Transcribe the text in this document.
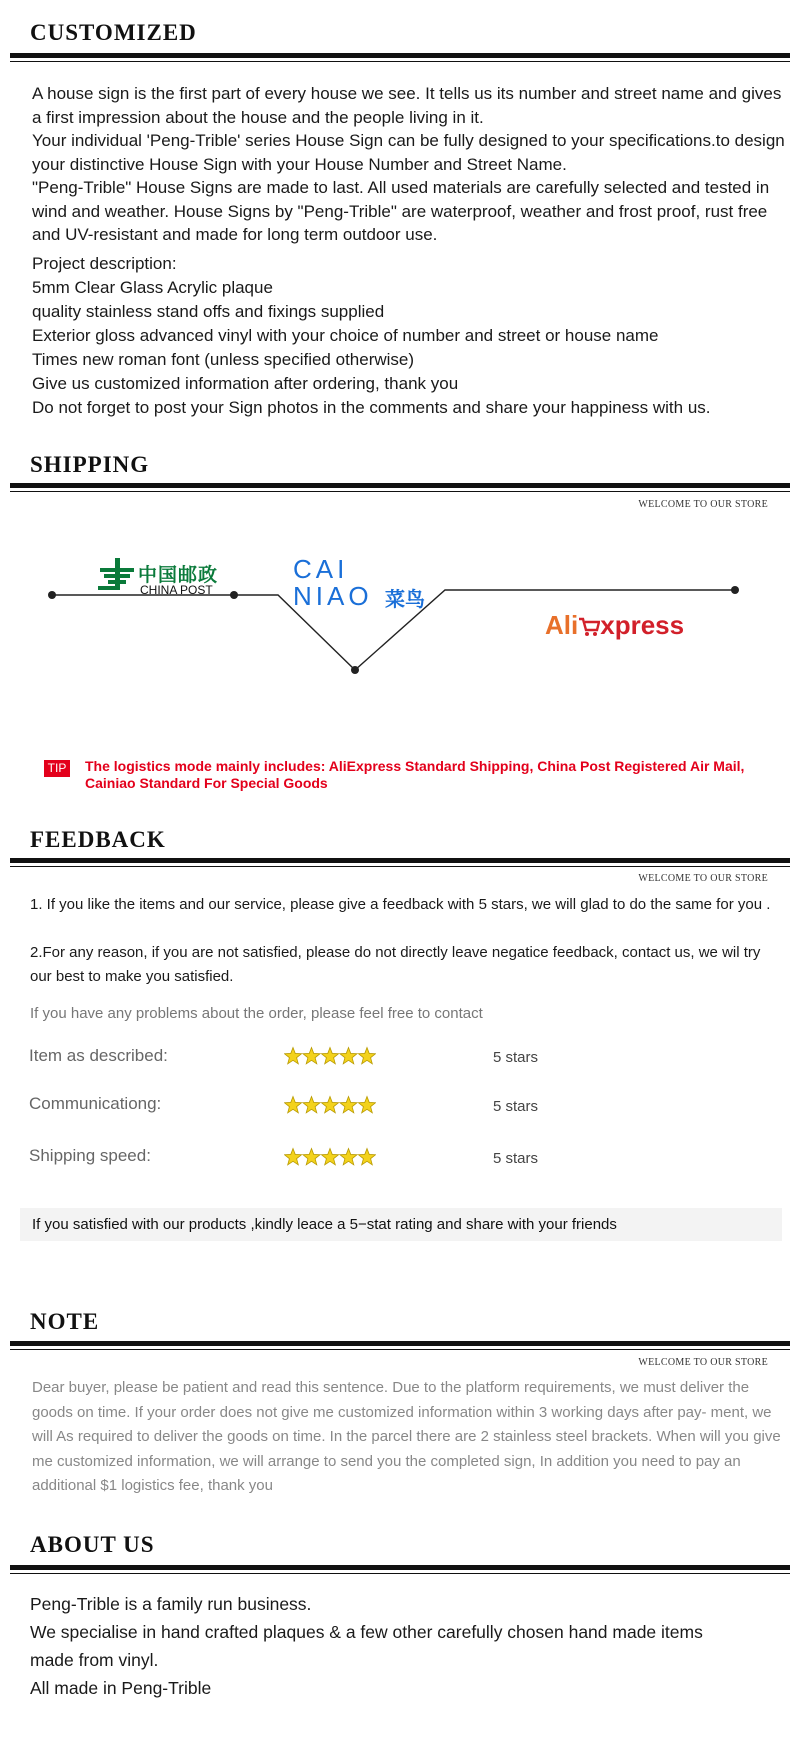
CUSTOMIZED
A house sign is the first part of every house we see. It tells us its number and street name and gives a first impression about the house and the people living in it.
Your individual 'Peng-Trible' series House Sign can be fully designed to your specifications.to design your distinctive House Sign with your House Number and Street Name.
"Peng-Trible" House Signs are made to last. All used materials are carefully selected and tested in wind and weather. House Signs by "Peng-Trible" are waterproof, weather and frost proof, rust free and UV-resistant and made for long term outdoor use.
Project description:
5mm Clear Glass Acrylic plaque
quality stainless stand offs and fixings supplied
Exterior gloss advanced vinyl with your choice of number and street or house name
Times new roman font (unless specified otherwise)
Give us customized information after ordering, thank you
Do not forget to post your Sign photos in the comments and share your happiness with us.
SHIPPING
WELCOME TO OUR STORE
中国邮政
CHINA POST
CAI
NIAO 菜鸟
Ali xpress
TIP The logistics mode mainly includes: AliExpress Standard Shipping, China Post Registered Air Mail, Cainiao Standard For Special Goods
FEEDBACK
WELCOME TO OUR STORE
1. If you like the items and our service, please give a feedback with 5 stars, we will glad to do the same for you .
2.For any reason, if you are not satisfied, please do not directly leave negatice feedback, contact us, we wil try our best to make you satisfied.
If you have any problems about the order, please feel free to contact
Item as described:	5 stars
Communicationg:	5 stars
Shipping speed:	5 stars
If you satisfied with our products ,kindly leace a 5−stat rating and share with your friends
NOTE
WELCOME TO OUR STORE
Dear buyer, please be patient and read this sentence. Due to the platform requirements, we must deliver the goods on time. If your order does not give me customized information within 3 working days after pay- ment, we will As required to deliver the goods on time. In the parcel there are 2 stainless steel brackets. When will you give me customized information, we will arrange to send you the completed sign, In addition you need to pay an additional $1 logistics fee, thank you
ABOUT US
Peng-Trible is a family run business.
We specialise in hand crafted plaques & a few other carefully chosen hand made items made from vinyl.
All made in Peng-Trible
